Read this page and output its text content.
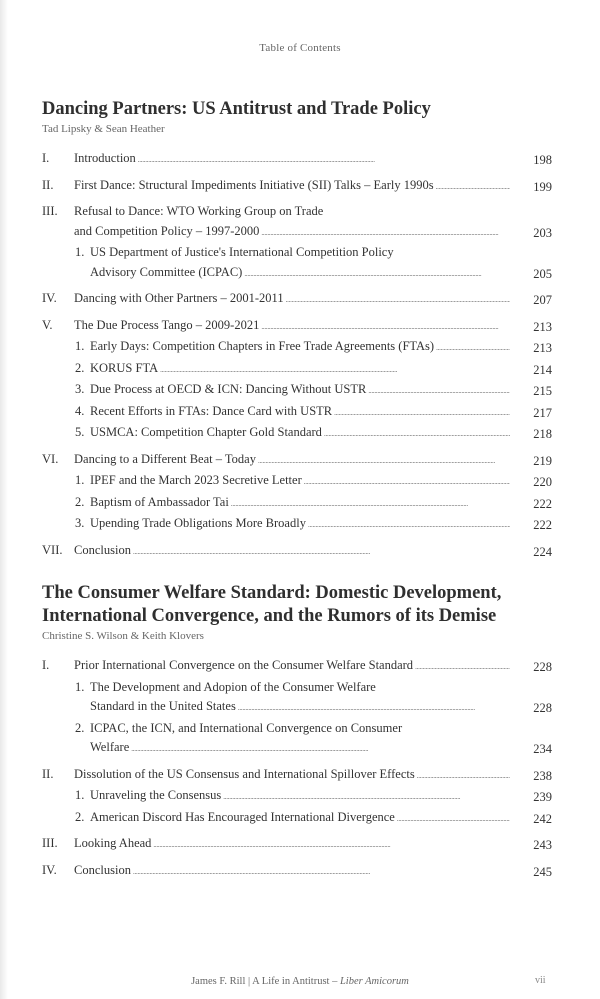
Table of Contents
Dancing Partners: US Antitrust and Trade Policy
Tad Lipsky & Sean Heather
I. Introduction . . .	198
II. First Dance: Structural Impediments Initiative (SII) Talks – Early 1990s . . .	199
III. Refusal to Dance: WTO Working Group on Trade
and Competition Policy – 1997-2000 . . .	203
1. US Department of Justice's International Competition Policy
Advisory Committee (ICPAC) . . .	205
IV. Dancing with Other Partners – 2001-2011 . . .	207
V. The Due Process Tango – 2009-2021 . . .	213
1. Early Days: Competition Chapters in Free Trade Agreements (FTAs) . . .	213
2. KORUS FTA . . .	214
3. Due Process at OECD & ICN: Dancing Without USTR . . .	215
4. Recent Efforts in FTAs: Dance Card with USTR . . .	217
5. USMCA: Competition Chapter Gold Standard . . .	218
VI. Dancing to a Different Beat – Today . . .	219
1. IPEF and the March 2023 Secretive Letter . . .	220
2. Baptism of Ambassador Tai . . .	222
3. Upending Trade Obligations More Broadly . . .	222
VII. Conclusion . . .	224
The Consumer Welfare Standard: Domestic Development, International Convergence, and the Rumors of its Demise
Christine S. Wilson & Keith Klovers
I. Prior International Convergence on the Consumer Welfare Standard . . .	228
1. The Development and Adopion of the Consumer Welfare
Standard in the United States . . .	228
2. ICPAC, the ICN, and International Convergence on Consumer
Welfare . . .	234
II. Dissolution of the US Consensus and International Spillover Effects . . .	238
1. Unraveling the Consensus . . .	239
2. American Discord Has Encouraged International Divergence . . .	242
III. Looking Ahead . . .	243
IV. Conclusion . . .	245
James F. Rill | A Life in Antitrust – Liber Amicorum	vii
